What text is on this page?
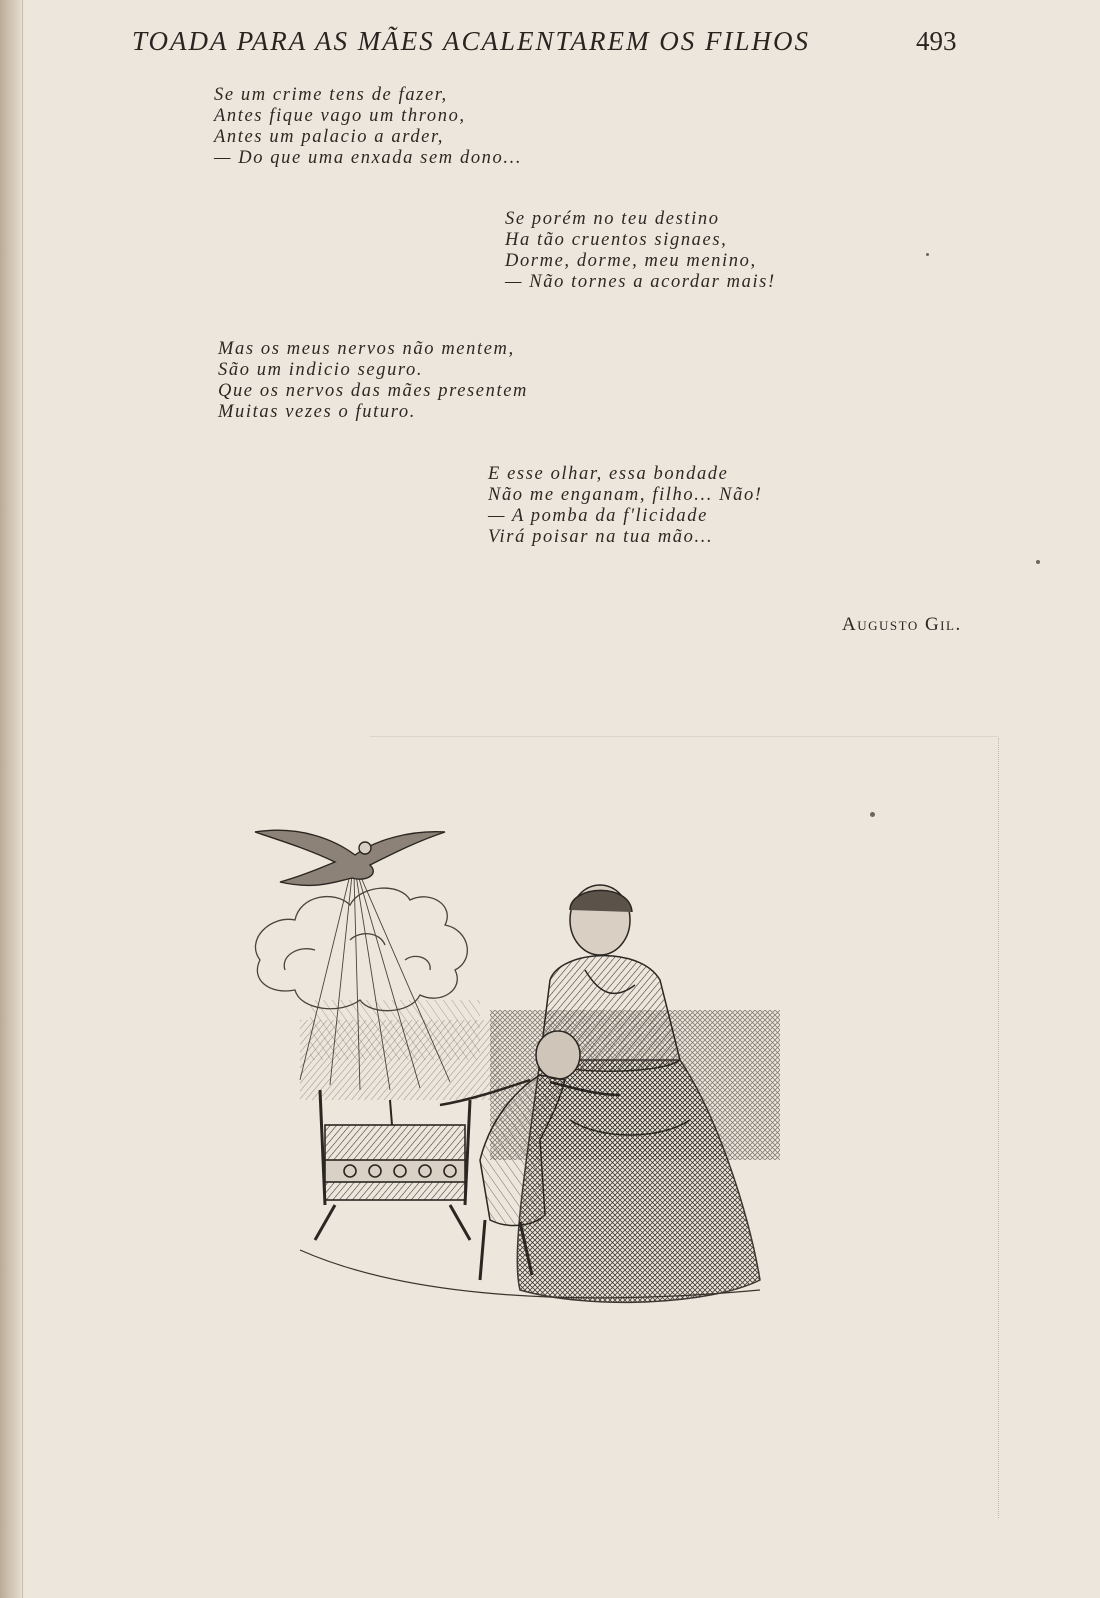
TOADA PARA AS MÃES ACALENTAREM OS FILHOS	493
Se um crime tens de fazer,
Antes fique vago um throno,
Antes um palacio a arder,
— Do que uma enxada sem dono...
Se porém no teu destino
Ha tão cruentos signaes,
Dorme, dorme, meu menino,
— Não tornes a acordar mais!
Mas os meus nervos não mentem,
São um indicio seguro.
Que os nervos das mães presentem
Muitas vezes o futuro.
E esse olhar, essa bondade
Não me enganam, filho... Não!
— A pomba da f'licidade
Virá poisar na tua mão...
Augusto Gil.
